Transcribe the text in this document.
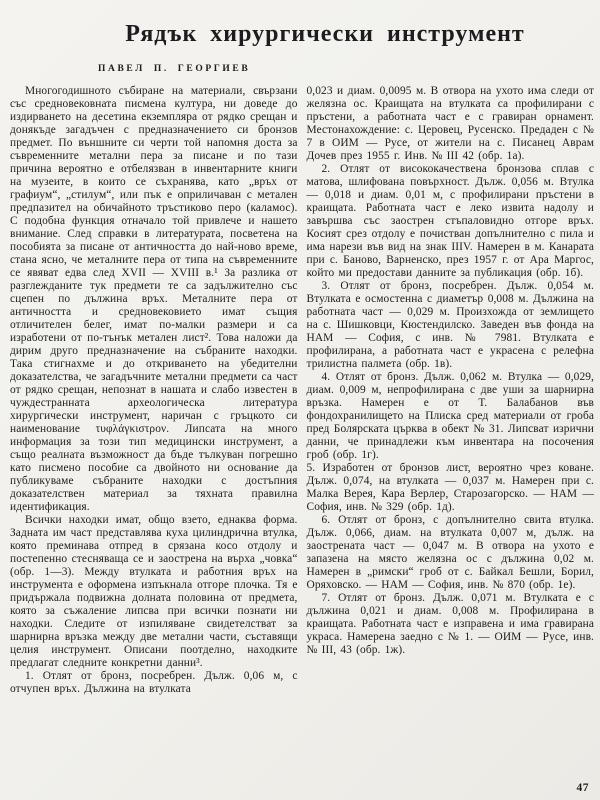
Рядък хирургически инструмент
ПАВЕЛ П. ГЕОРГИЕВ

Многогодишното събиране на материали, свързани със средновековната писмена култура, ни доведе до издирването на десетина екземпляра от рядко срещан и донякъде загадъчен с предназначението си бронзов предмет. По външните си черти той напомня доста за съвременните метални пера за писане и по тази причина вероятно е отбелязван в инвентарните книги на музеите, в които се съхранява, като „връх от графиум“, „стилум“, или пък е оприличаван с метален предпазител на обичайното тръстиково перо (каламос). С подобна функция отначало той привлече и нашето внимание. След справки в литературата, посветена на пособията за писане от античността до най-ново време, стана ясно, че металните пера от типа на съвременните се явяват едва след XVII — XVIII в.¹ За разлика от разглежданите тук предмети те са задължително със сцепен по дължина връх. Металните пера от античността и средновековието имат същия отличителен белег, имат по-малки размери и са изработени от по-тънък метален лист². Това наложи да дирим друго предназначение на събраните находки. Така стигнахме и до откриването на убедителни доказателства, че загадъчните метални предмети са част от рядко срещан, непознат в нашата и слабо известен в чуждестранната археологическа литература хирургически инструмент, наричан с гръцкото си наименование τυφλάγκιστρον. Липсата на много информация за този тип медицински инструмент, а също реалната възможност да бъде тълкуван погрешно като писмено пособие са двойното ни основание да публикуваме събраните находки с достъпния доказателствен материал за тяхната правилна идентификация.

Всички находки имат, общо взето, еднаква форма. Задната им част представлява куха цилиндрична втулка, която преминава отпред в срязана косо отдолу и постепенно стесняваща се и заострена на върха „човка“ (обр. 1—3). Между втулката и работния връх на инструмента е оформена изпъкнала отгоре плочка. Тя е придържала подвижна долната половина от предмета, която за съжаление липсва при всички познати ни находки. Следите от изпиляване свидетелстват за шарнирна връзка между две метални части, съставящи целия инструмент. Описани поотделно, находките предлагат следните конкретни данни³.

1. Отлят от бронз, посребрен. Дълж. 0,06 м, с отчупен връх. Дължина на втулката

0,023 и диам. 0,0095 м. В отвора на ухото има следи от желязна ос. Краищата на втулката са профилирани с пръстени, а работната част е с гравиран орнамент. Местонахождение: с. Церовец, Русенско. Предаден с № 7 в ОИМ — Русе, от жители на с. Писанец Аврам Дочев през 1955 г. Инв. № III 42 (обр. 1а).

2. Отлят от висококачествена бронзова сплав с матова, шлифована повърхност. Дълж. 0,056 м. Втулка — 0,018 и диам. 0,01 м, с профилирани пръстени в краищата. Работната част е леко извита надолу и завършва със заострен стъпаловидно отгоре връх. Косият срез отдолу е почистван допълнително с пила и има нарези във вид на знак IIIV. Намерен в м. Канарата при с. Баново, Варненско, през 1957 г. от Ара Маргос, който ми предостави данните за публикация (обр. 1б).

3. Отлят от бронз, посребрен. Дълж. 0,054 м. Втулката е осмостенна с диаметър 0,008 м. Дължина на работната част — 0,029 м. Произхожда от землището на с. Шишковци, Кюстендилско. Заведен във фонда на НАМ — София, с инв. № 7981. Втулката е профилирана, а работната част е украсена с релефна трилистна палмета (обр. 1в).

4. Отлят от бронз. Дълж. 0,062 м. Втулка — 0,029, диам. 0,009 м, непрофилирана с две уши за шарнирна връзка. Намерен е от Т. Балабанов във фондохранилището на Плиска сред материали от гроба пред Болярската църква в обект № 31. Липсват изрични данни, че принадлежи към инвентара на посочения гроб (обр. 1г).

5. Изработен от бронзов лист, вероятно чрез коване. Дълж. 0,074, на втулката — 0,037 м. Намерен при с. Малка Верея, Кара Верлер, Старозагорско. — НАМ — София, инв. № 329 (обр. 1д).

6. Отлят от бронз, с допълнително свита втулка. Дълж. 0,066, диам. на втулката 0,007 м, дълж. на заострената част — 0,047 м. В отвора на ухото е запазена на място желязна ос с дължина 0,02 м. Намерен в „римски“ гроб от с. Байкал Бешли, Борил, Оряховско. — НАМ — София, инв. № 870 (обр. 1е).

7. Отлят от бронз. Дълж. 0,071 м. Втулката е с дължина 0,021 и диам. 0,008 м. Профилирана в краищата. Работната част е изправена и има гравирана украса. Намерена заедно с № 1. — ОИМ — Русе, инв. № III, 43 (обр. 1ж).

47
